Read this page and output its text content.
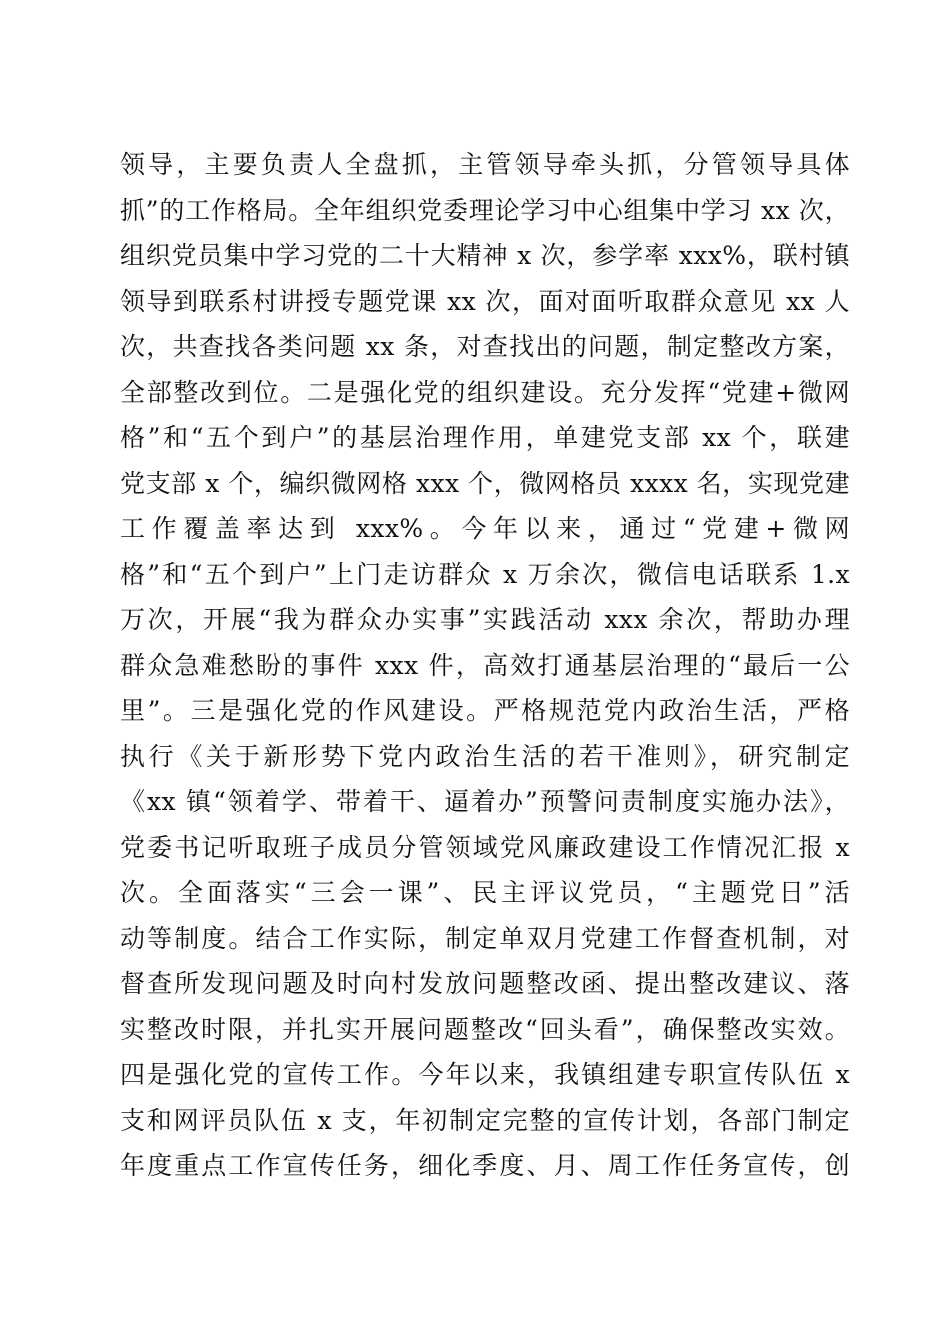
领导，主要负责人全盘抓，主管领导牵头抓，分管领导具体
抓”的工作格局。全年组织党委理论学习中心组集中学习 xx 次，
组织党员集中学习党的二十大精神 x 次，参学率 xxx%，联村镇
领导到联系村讲授专题党课 xx 次，面对面听取群众意见 xx 人
次，共查找各类问题 xx 条，对查找出的问题，制定整改方案，
全部整改到位。二是强化党的组织建设。充分发挥“党建+微网
格”和“五个到户”的基层治理作用，单建党支部 xx 个，联建
党支部 x 个，编织微网格 xxx 个，微网格员 xxxx 名，实现党建
工作覆盖率达到 xxx%。今年以来，通过“党建+微网
格”和“五个到户”上门走访群众 x 万余次，微信电话联系 1.x
万次，开展“我为群众办实事”实践活动 xxx 余次，帮助办理
群众急难愁盼的事件 xxx 件，高效打通基层治理的“最后一公
里”。三是强化党的作风建设。严格规范党内政治生活，严格
执行《关于新形势下党内政治生活的若干准则》，研究制定
《xx 镇“领着学、带着干、逼着办”预警问责制度实施办法》，
党委书记听取班子成员分管领域党风廉政建设工作情况汇报 x
次。全面落实“三会一课”、民主评议党员，“主题党日”活
动等制度。结合工作实际，制定单双月党建工作督查机制，对
督查所发现问题及时向村发放问题整改函、提出整改建议、落
实整改时限，并扎实开展问题整改“回头看”，确保整改实效。
四是强化党的宣传工作。今年以来，我镇组建专职宣传队伍 x
支和网评员队伍 x 支，年初制定完整的宣传计划，各部门制定
年度重点工作宣传任务，细化季度、月、周工作任务宣传，创
